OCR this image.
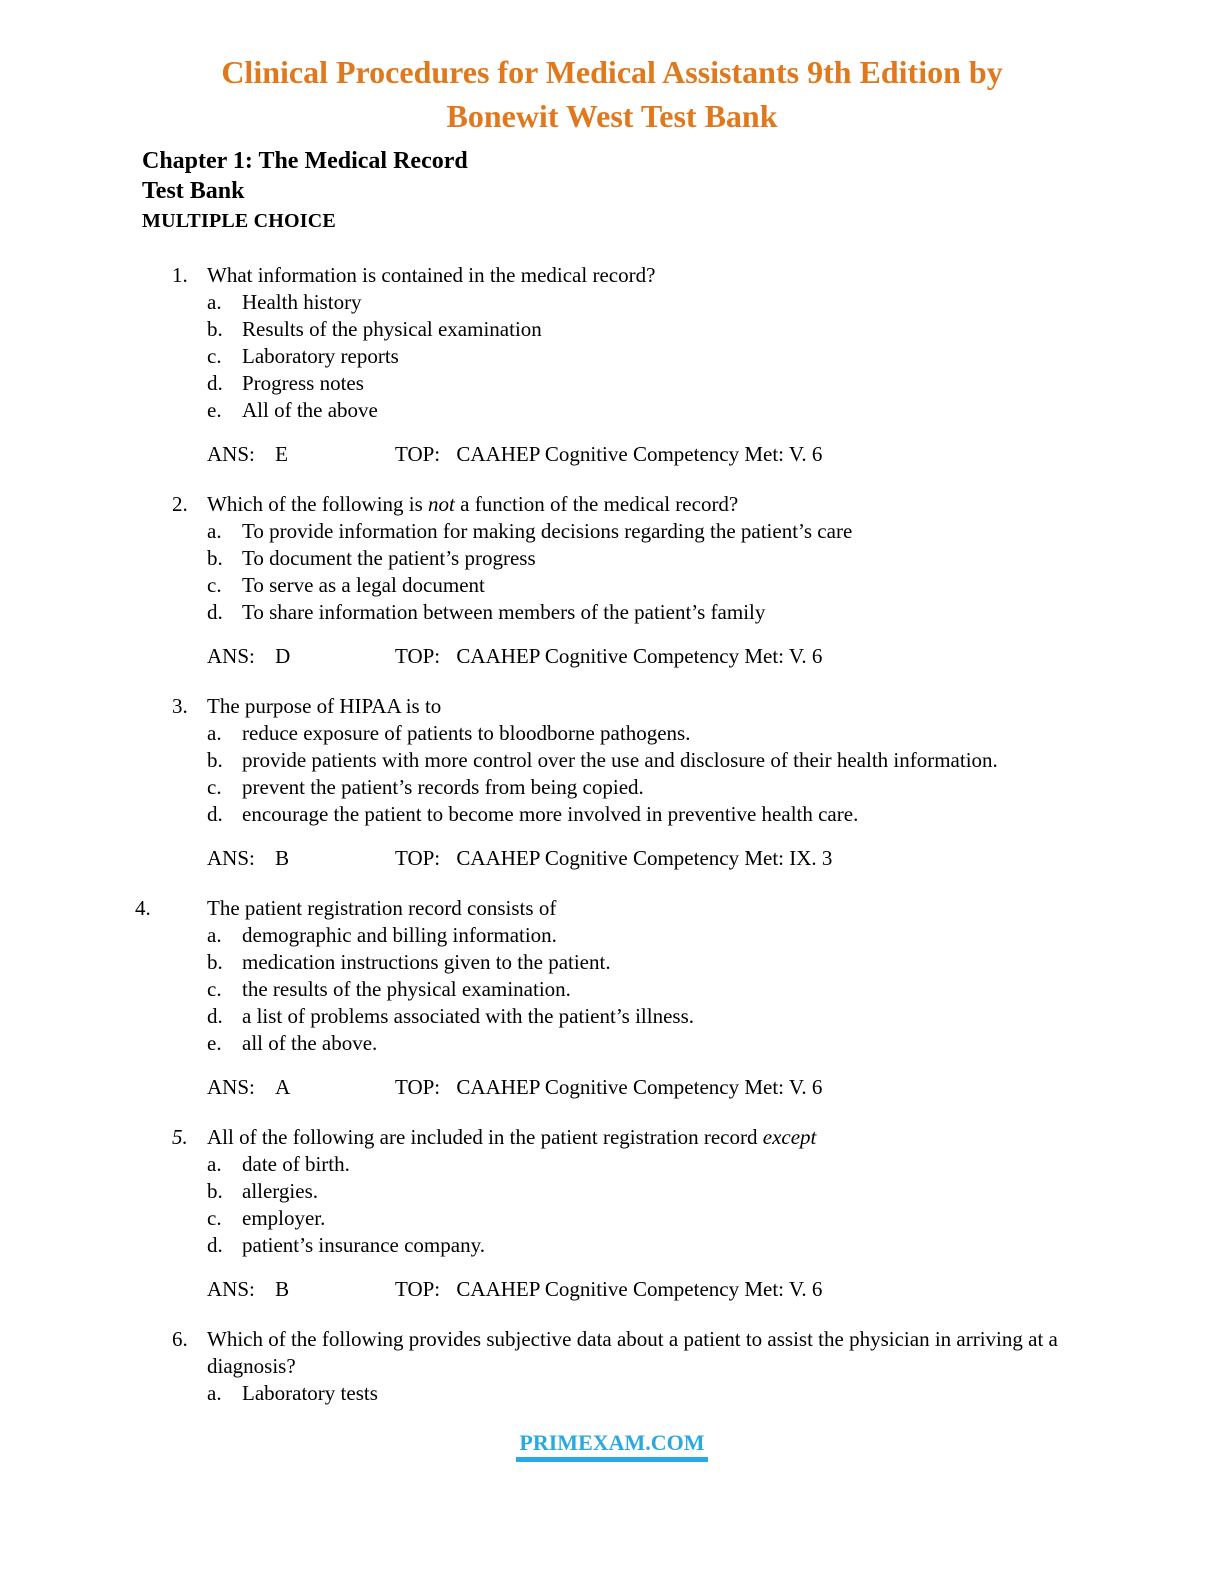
Clinical Procedures for Medical Assistants 9th Edition by
Bonewit West Test Bank
Chapter 1: The Medical Record
Test Bank
MULTIPLE CHOICE
1. What information is contained in the medical record?
a. Health history
b. Results of the physical examination
c. Laboratory reports
d. Progress notes
e. All of the above
ANS: E	TOP: CAAHEP Cognitive Competency Met: V. 6
2. Which of the following is not a function of the medical record?
a. To provide information for making decisions regarding the patient’s care
b. To document the patient’s progress
c. To serve as a legal document
d. To share information between members of the patient’s family
ANS: D	TOP: CAAHEP Cognitive Competency Met: V. 6
3. The purpose of HIPAA is to
a. reduce exposure of patients to bloodborne pathogens.
b. provide patients with more control over the use and disclosure of their health information.
c. prevent the patient’s records from being copied.
d. encourage the patient to become more involved in preventive health care.
ANS: B	TOP: CAAHEP Cognitive Competency Met: IX. 3
4.	The patient registration record consists of
a. demographic and billing information.
b. medication instructions given to the patient.
c. the results of the physical examination.
d. a list of problems associated with the patient’s illness.
e. all of the above.
ANS: A	TOP: CAAHEP Cognitive Competency Met: V. 6
5. All of the following are included in the patient registration record except
a. date of birth.
b. allergies.
c. employer.
d. patient’s insurance company.
ANS: B	TOP: CAAHEP Cognitive Competency Met: V. 6
6. Which of the following provides subjective data about a patient to assist the physician in arriving at a diagnosis?
a. Laboratory tests
PRIMEXAM.COM
